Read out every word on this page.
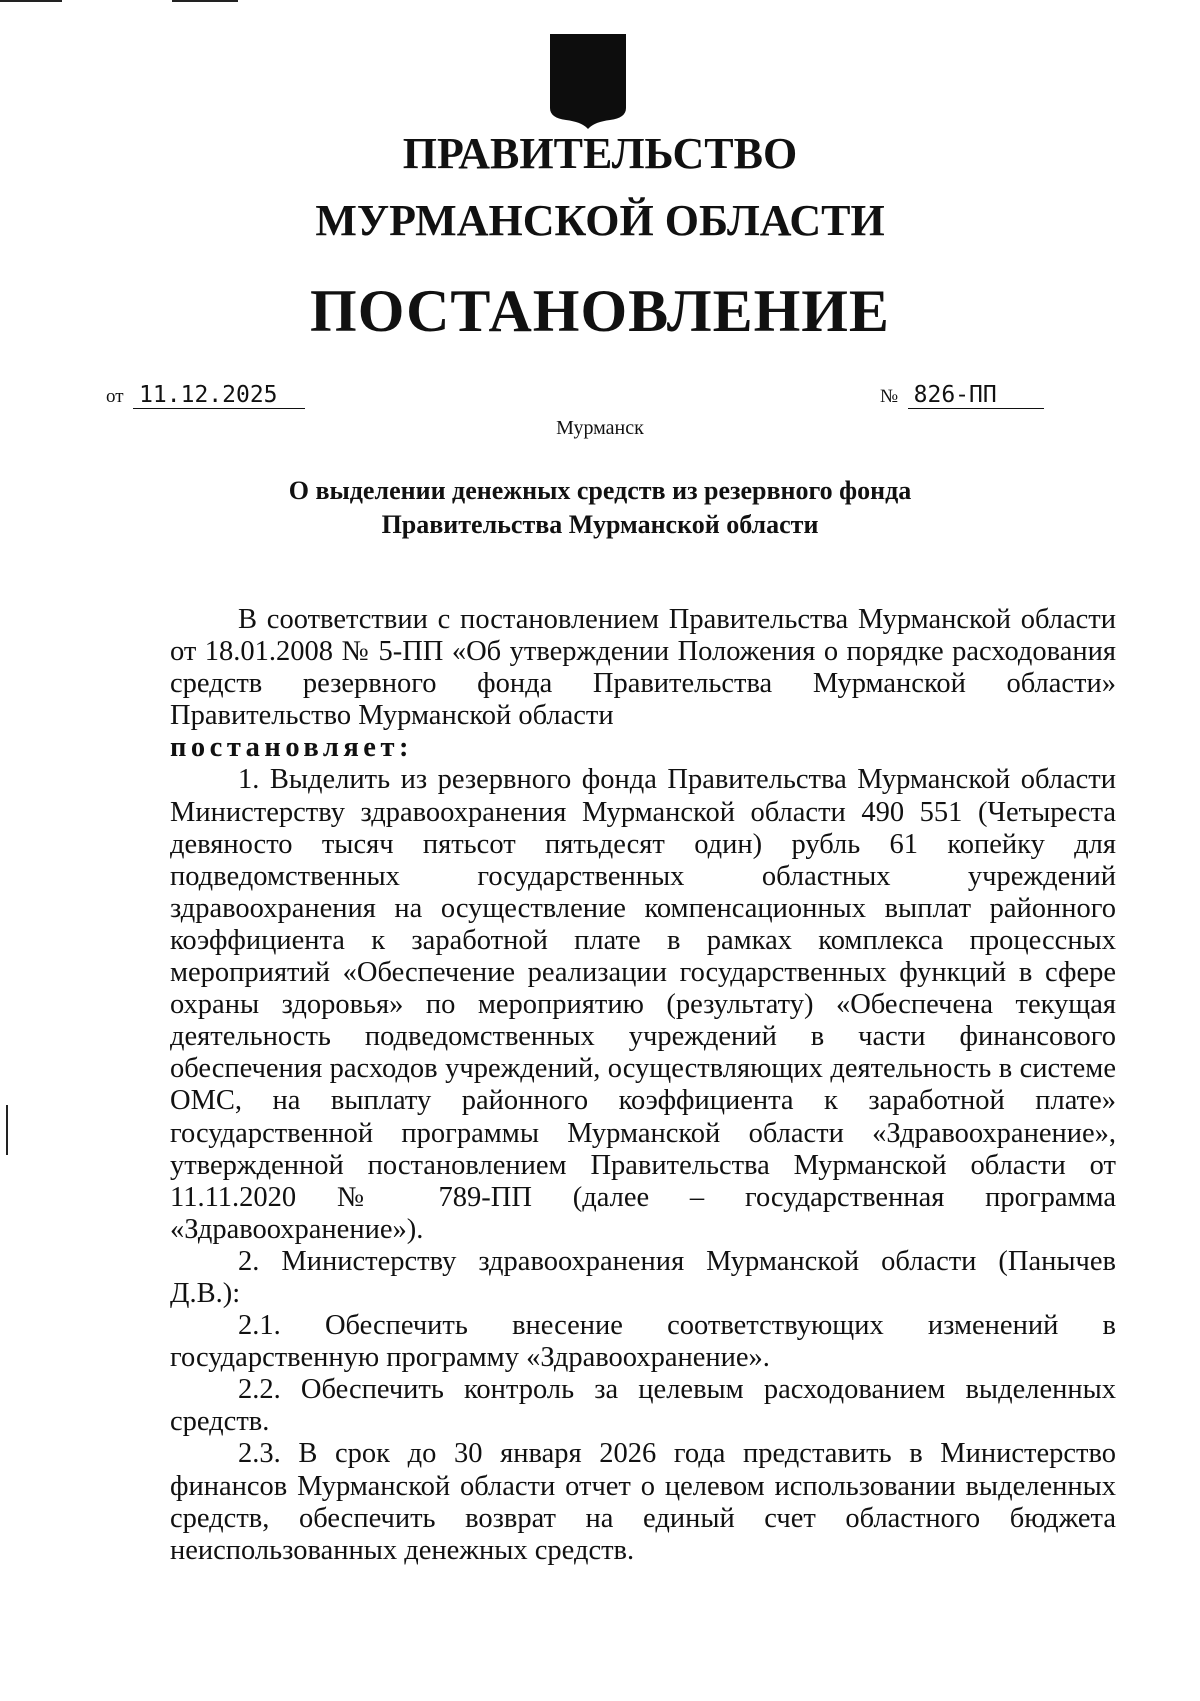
ПРАВИТЕЛЬСТВО
МУРМАНСКОЙ ОБЛАСТИ
ПОСТАНОВЛЕНИЕ
от 11.12.2025	№ 826-ПП
Мурманск
О выделении денежных средств из резервного фонда
Правительства Мурманской области

В соответствии с постановлением Правительства Мурманской области от 18.01.2008 № 5-ПП «Об утверждении Положения о порядке расходования средств резервного фонда Правительства Мурманской области» Правительство Мурманской области

постановляет:

1. Выделить из резервного фонда Правительства Мурманской области Министерству здравоохранения Мурманской области 490 551 (Четыреста девяносто тысяч пятьсот пятьдесят один) рубль 61 копейку для подведомственных государственных областных учреждений здравоохранения на осуществление компенсационных выплат районного коэффициента к заработной плате в рамках комплекса процессных мероприятий «Обеспечение реализации государственных функций в сфере охраны здоровья» по мероприятию (результату) «Обеспечена текущая деятельность подведомственных учреждений в части финансового обеспечения расходов учреждений, осуществляющих деятельность в системе ОМС, на выплату районного коэффициента к заработной плате» государственной программы Мурманской области «Здравоохранение», утвержденной постановлением Правительства Мурманской области от 11.11.2020 № 789-ПП (далее – государственная программа «Здравоохранение»).

2. Министерству здравоохранения Мурманской области (Панычев Д.В.):

2.1. Обеспечить внесение соответствующих изменений в государственную программу «Здравоохранение».

2.2. Обеспечить контроль за целевым расходованием выделенных средств.

2.3. В срок до 30 января 2026 года представить в Министерство финансов Мурманской области отчет о целевом использовании выделенных средств, обеспечить возврат на единый счет областного бюджета неиспользованных денежных средств.
